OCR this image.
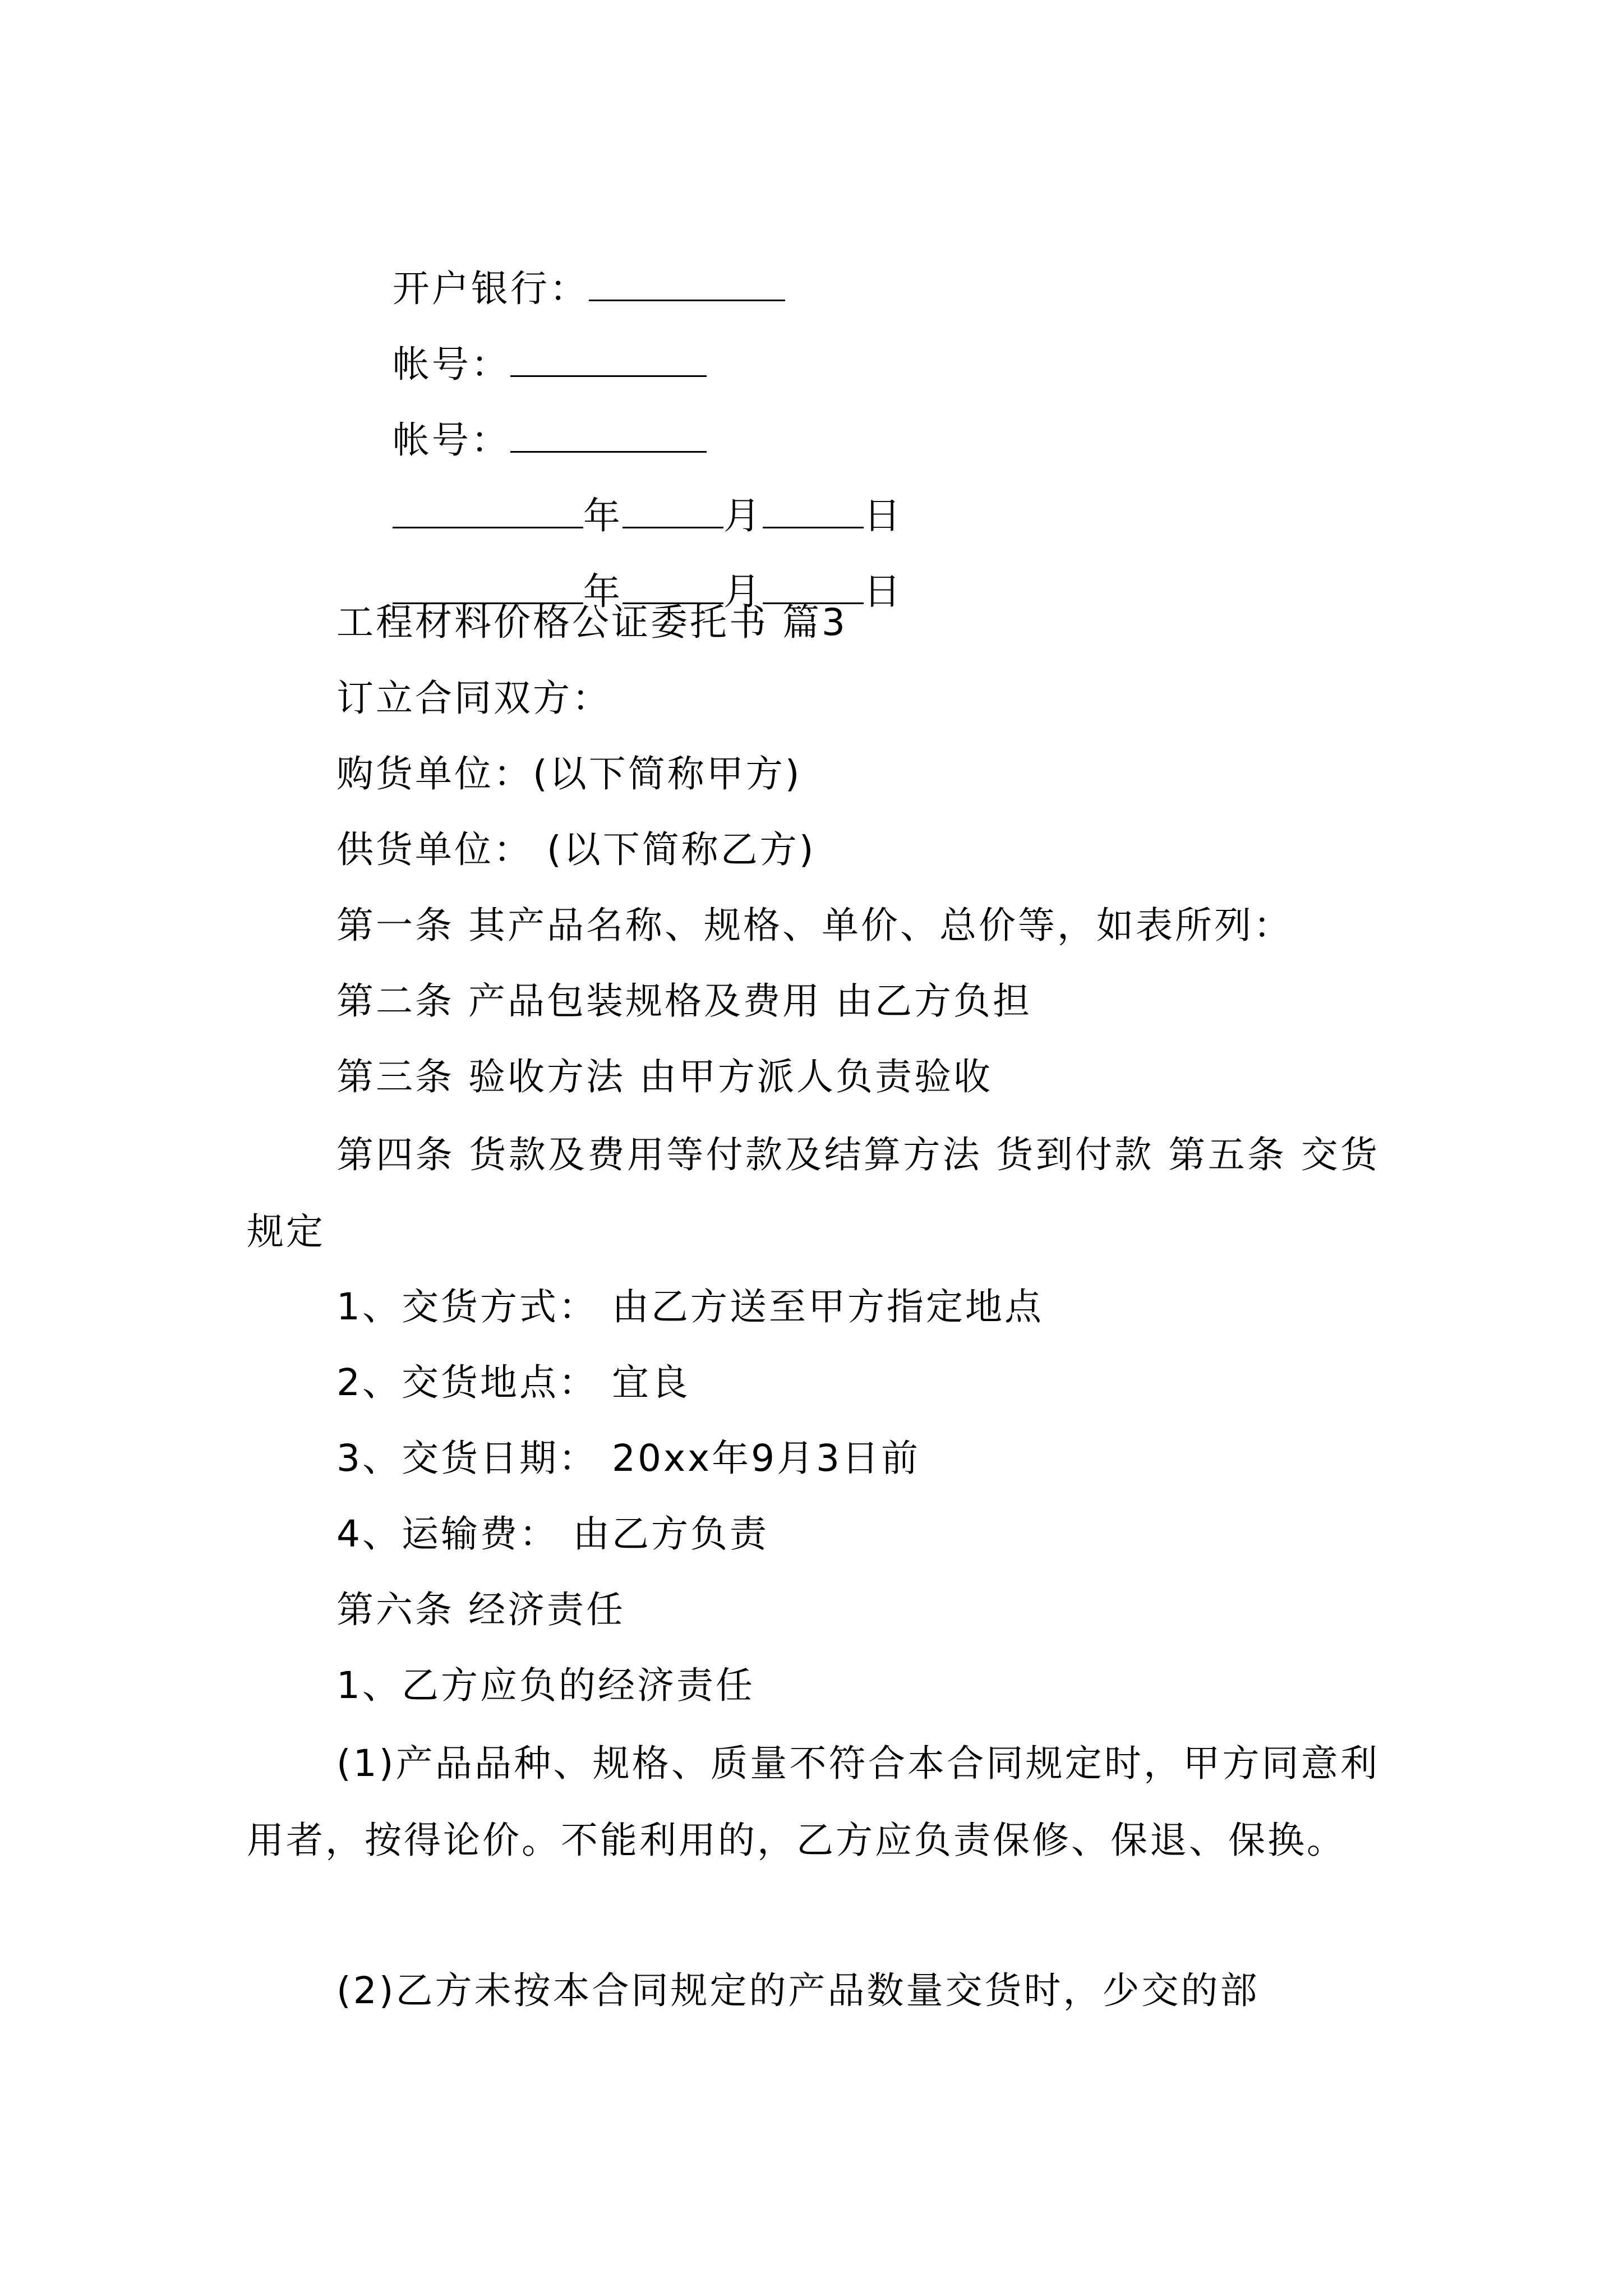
开户银行：

帐号：

帐号：

年	月	日

年	月	日

工程材料价格公证委托书 篇3
订立合同双方：
购货单位：(以下简称甲方)
供货单位： (以下简称乙方)
第一条 其产品名称、规格、单价、总价等，如表所列：
第二条 产品包装规格及费用 由乙方负担
第三条 验收方法 由甲方派人负责验收
第四条 货款及费用等付款及结算方法 货到付款 第五条 交货规定
1、交货方式： 由乙方送至甲方指定地点
2、交货地点： 宜良
3、交货日期： 20xx年9月3日前
4、运输费： 由乙方负责
第六条 经济责任
1、乙方应负的经济责任
(1)产品品种、规格、质量不符合本合同规定时，甲方同意利用者，按得论价。不能利用的，乙方应负责保修、保退、保换。
(2)乙方未按本合同规定的产品数量交货时，少交的部
